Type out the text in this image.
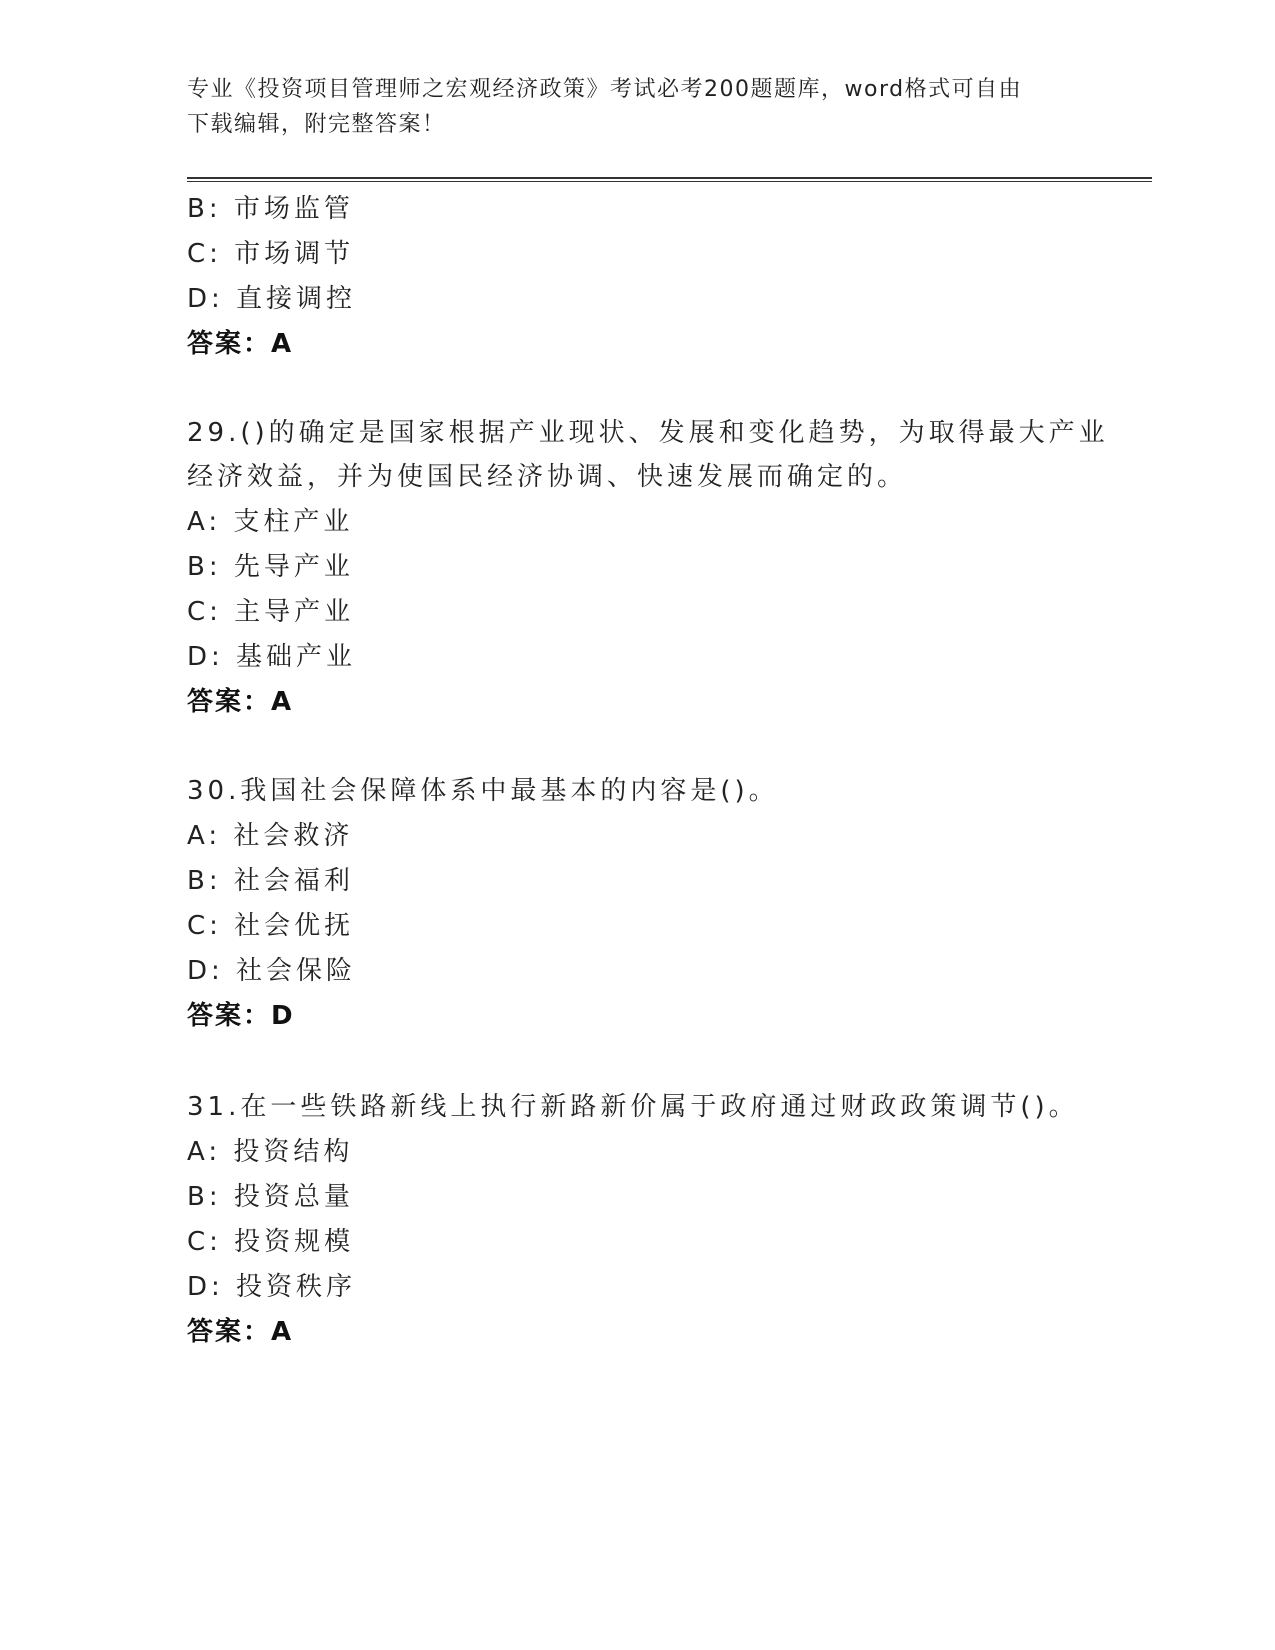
专业《投资项目管理师之宏观经济政策》考试必考200题题库，word格式可自由
下载编辑，附完整答案！
B: 市场监管
C: 市场调节
D: 直接调控
答案：A
29.()的确定是国家根据产业现状、发展和变化趋势，为取得最大产业
经济效益，并为使国民经济协调、快速发展而确定的。
A: 支柱产业
B: 先导产业
C: 主导产业
D: 基础产业
答案：A
30.我国社会保障体系中最基本的内容是()。
A: 社会救济
B: 社会福利
C: 社会优抚
D: 社会保险
答案：D
31.在一些铁路新线上执行新路新价属于政府通过财政政策调节()。
A: 投资结构
B: 投资总量
C: 投资规模
D: 投资秩序
答案：A
